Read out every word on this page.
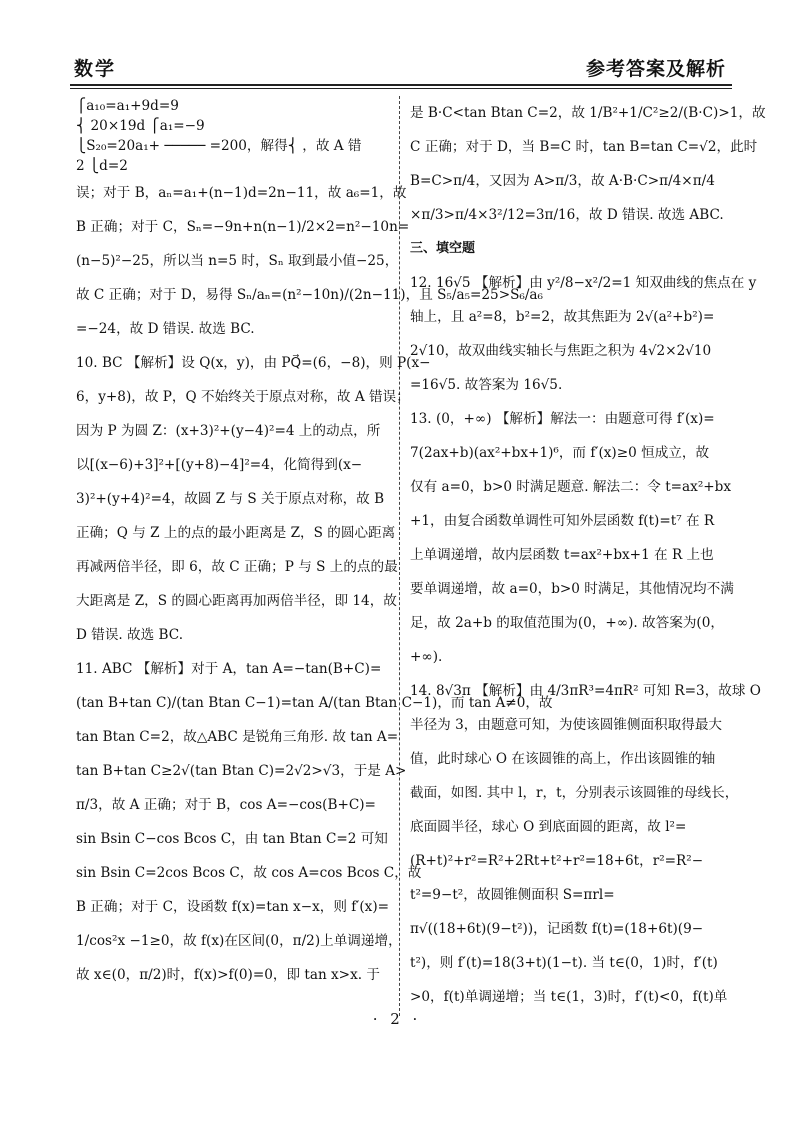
数学	参考答案及解析
⎧a₁₀=a₁+9d=9
⎨ 20×19d ⎧a₁=−9
⎩S₂₀=20a₁+ ───── =200，解得⎨ ，故 A 错
2 ⎩d=2
误；对于 B，aₙ=a₁+(n−1)d=2n−11，故 a₆=1，故
B 正确；对于 C，Sₙ=−9n+n(n−1)/2×2=n²−10n=
(n−5)²−25，所以当 n=5 时，Sₙ 取到最小值−25，
故 C 正确；对于 D，易得 Sₙ/aₙ=(n²−10n)/(2n−11)，且 S₅/a₅=25>S₆/a₆
=−24，故 D 错误. 故选 BC.
10. BC 【解析】设 Q(x，y)，由 PQ⃗=(6，−8)，则 P(x−
6，y+8)，故 P，Q 不始终关于原点对称，故 A 错误；
因为 P 为圆 Z：(x+3)²+(y−4)²=4 上的动点，所
以[(x−6)+3]²+[(y+8)−4]²=4，化简得到(x−
3)²+(y+4)²=4，故圆 Z 与 S 关于原点对称，故 B
正确；Q 与 Z 上的点的最小距离是 Z，S 的圆心距离
再减两倍半径，即 6，故 C 正确；P 与 S 上的点的最
大距离是 Z，S 的圆心距离再加两倍半径，即 14，故
D 错误. 故选 BC.
11. ABC 【解析】对于 A，tan A=−tan(B+C)=
(tan B+tan C)/(tan Btan C−1)=tan A/(tan Btan C−1)，而 tan A≠0，故
tan Btan C=2，故△ABC 是锐角三角形. 故 tan A=
tan B+tan C≥2√(tan Btan C)=2√2>√3，于是 A>
π/3，故 A 正确；对于 B，cos A=−cos(B+C)=
sin Bsin C−cos Bcos C，由 tan Btan C=2 可知
sin Bsin C=2cos Bcos C，故 cos A=cos Bcos C，故
B 正确；对于 C，设函数 f(x)=tan x−x，则 f′(x)=
1/cos²x −1≥0，故 f(x)在区间(0，π/2)上单调递增，
故 x∈(0，π/2)时，f(x)>f(0)=0，即 tan x>x. 于
是 B·C<tan Btan C=2，故 1/B²+1/C²≥2/(B·C)>1，故
C 正确；对于 D，当 B=C 时，tan B=tan C=√2，此时
B=C>π/4，又因为 A>π/3，故 A·B·C>π/4×π/4
×π/3>π/4×3²/12=3π/16，故 D 错误. 故选 ABC.
三、填空题
12. 16√5 【解析】由 y²/8−x²/2=1 知双曲线的焦点在 y
轴上，且 a²=8，b²=2，故其焦距为 2√(a²+b²)=
2√10，故双曲线实轴长与焦距之积为 4√2×2√10
=16√5. 故答案为 16√5.
13. (0，+∞) 【解析】解法一：由题意可得 f′(x)=
7(2ax+b)(ax²+bx+1)⁶，而 f′(x)≥0 恒成立，故
仅有 a=0，b>0 时满足题意. 解法二：令 t=ax²+bx
+1，由复合函数单调性可知外层函数 f(t)=t⁷ 在 R
上单调递增，故内层函数 t=ax²+bx+1 在 R 上也
要单调递增，故 a=0，b>0 时满足，其他情况均不满
足，故 2a+b 的取值范围为(0，+∞). 故答案为(0，
+∞).
14. 8√3π 【解析】由 4/3πR³=4πR² 可知 R=3，故球 O
半径为 3，由题意可知，为使该圆锥侧面积取得最大
值，此时球心 O 在该圆锥的高上，作出该圆锥的轴
截面，如图. 其中 l，r，t，分别表示该圆锥的母线长，
底面圆半径，球心 O 到底面圆的距离，故 l²=
(R+t)²+r²=R²+2Rt+t²+r²=18+6t，r²=R²−
t²=9−t²，故圆锥侧面积 S=πrl=
π√((18+6t)(9−t²))，记函数 f(t)=(18+6t)(9−
t²)，则 f′(t)=18(3+t)(1−t). 当 t∈(0，1)时，f′(t)
>0，f(t)单调递增；当 t∈(1，3)时，f′(t)<0，f(t)单
· 2 ·
